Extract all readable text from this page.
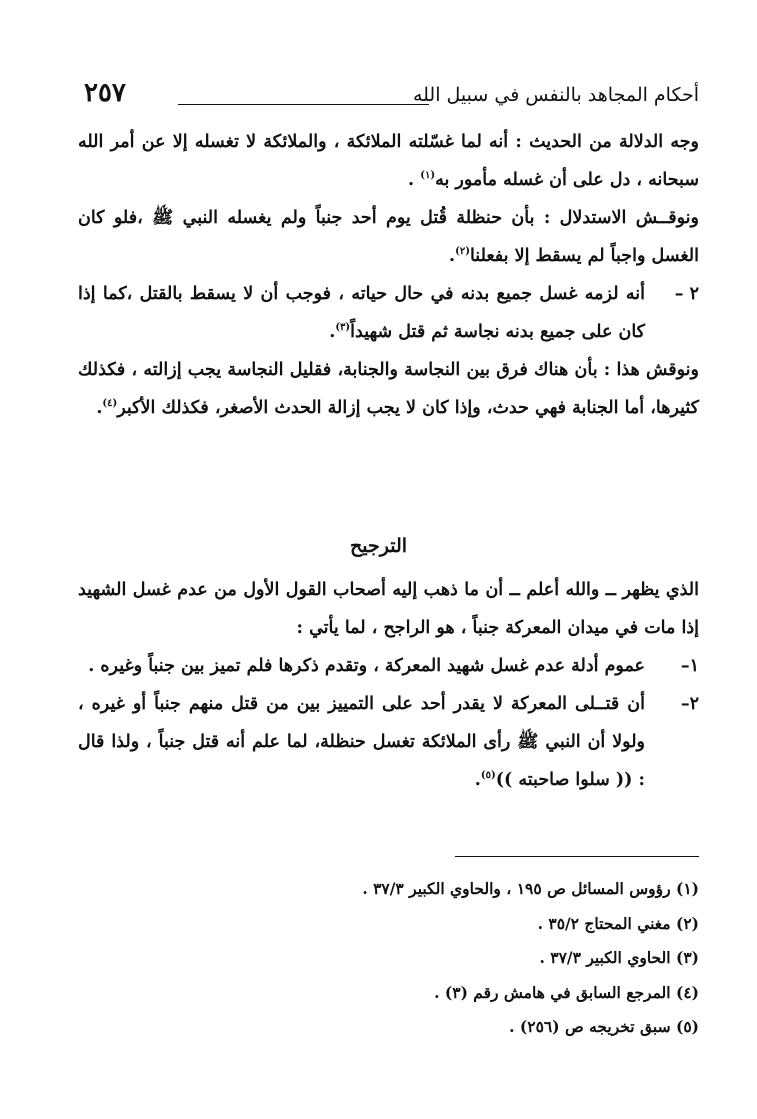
أحكام المجاهد بالنفس في سبيل الله
٢٥٧

وجه الدلالة من الحديث : أنه لما غسّلته الملائكة ، والملائكة لا تغسله إلا عن أمر الله سبحانه ، دل على أن غسله مأمور به$^{(١)}$ .

ونوقــش الاستدلال : بأن حنظلة قُتل يوم أحد جنباً ولم يغسله النبي ﷺ ،فلو كان الغسل واجباً لم يسقط إلا بفعلنا$^{(٢)}$.

٢ –

أنه لزمه غسل جميع بدنه في حال حياته ، فوجب أن لا يسقط بالقتل ،كما إذا كان على جميع بدنه نجاسة ثم قتل شهيداً$^{(٣)}$.

ونوقش هذا : بأن هناك فرق بين النجاسة والجنابة، فقليل النجاسة يجب إزالته ، فكذلك كثيرها، أما الجنابة فهي حدث، وإذا كان لا يجب إزالة الحدث الأصغر، فكذلك الأكبر$^{(٤)}$.

الترجيح

الذي يظهر ــ والله أعلم ــ أن ما ذهب إليه أصحاب القول الأول من عدم غسل الشهيد إذا مات في ميدان المعركة جنباً ، هو الراجح ، لما يأتي :

١–

عموم أدلة عدم غسل شهيد المعركة ، وتقدم ذكرها فلم تميز بين جنباً وغيره .

٢–

أن قتــلى المعركة لا يقدر أحد على التمييز بين من قتل منهم جنباً أو غيره ، ولولا أن النبي ﷺ رأى الملائكة تغسل حنظلة، لما علم أنه قتل جنباً ، ولذا قال : (( سلوا صاحبته ))$^{(٥)}$.

(١) رؤوس المسائل ص ١٩٥ ، والحاوي الكبير ٣٧/٣ .

(٢) مغني المحتاج ٣٥/٢ .

(٣) الحاوي الكبير ٣٧/٣ .

(٤) المرجع السابق في هامش رقم (٣) .

(٥) سبق تخريجه ص (٢٥٦) .
